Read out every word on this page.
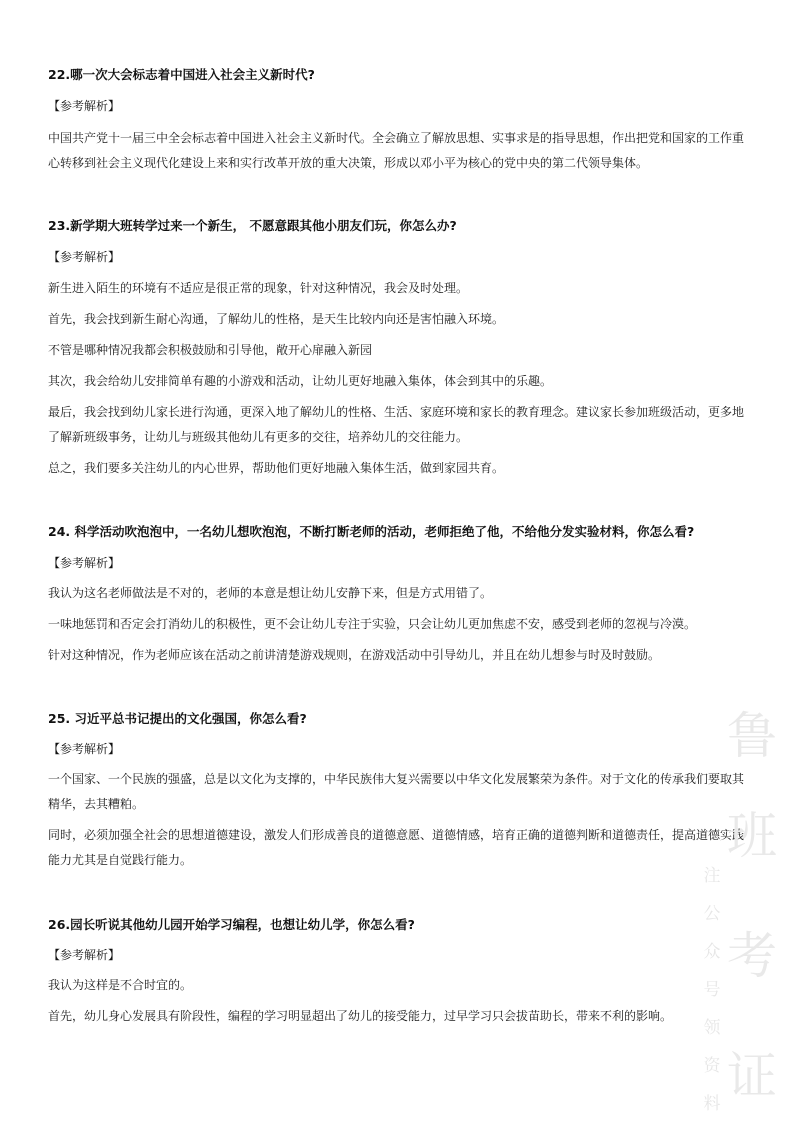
22.哪一次大会标志着中国进入社会主义新时代?
【参考解析】
中国共产党十一届三中全会标志着中国进入社会主义新时代。全会确立了解放思想、实事求是的指导思想，作出把党和国家的工作重心转移到社会主义现代化建设上来和实行改革开放的重大决策，形成以邓小平为核心的党中央的第二代领导集体。
23.新学期大班转学过来一个新生， 不愿意跟其他小朋友们玩，你怎么办?
【参考解析】
新生进入陌生的环境有不适应是很正常的现象，针对这种情况，我会及时处理。
首先，我会找到新生耐心沟通，了解幼儿的性格，是天生比较内向还是害怕融入环境。
不管是哪种情况我都会积极鼓励和引导他，敞开心扉融入新园
其次，我会给幼儿安排简单有趣的小游戏和活动，让幼儿更好地融入集体，体会到其中的乐趣。
最后，我会找到幼儿家长进行沟通，更深入地了解幼儿的性格、生活、家庭环境和家长的教育理念。建议家长参加班级活动，更多地了解新班级事务，让幼儿与班级其他幼儿有更多的交往，培养幼儿的交往能力。
总之，我们要多关注幼儿的内心世界，帮助他们更好地融入集体生活，做到家园共育。
24. 科学活动吹泡泡中，一名幼儿想吹泡泡，不断打断老师的活动，老师拒绝了他，不给他分发实验材料，你怎么看?
【参考解析】
我认为这名老师做法是不对的，老师的本意是想让幼儿安静下来，但是方式用错了。
一味地惩罚和否定会打消幼儿的积极性，更不会让幼儿专注于实验，只会让幼儿更加焦虑不安，感受到老师的忽视与冷漠。
针对这种情况，作为老师应该在活动之前讲清楚游戏规则，在游戏活动中引导幼儿，并且在幼儿想参与时及时鼓励。
25. 习近平总书记提出的文化强国，你怎么看?
【参考解析】
一个国家、一个民族的强盛，总是以文化为支撑的，中华民族伟大复兴需要以中华文化发展繁荣为条件。对于文化的传承我们要取其精华，去其糟粕。
同时，必须加强全社会的思想道德建设，激发人们形成善良的道德意愿、道德情感，培育正确的道德判断和道德责任，提高道德实践能力尤其是自觉践行能力。
26.园长听说其他幼儿园开始学习编程，也想让幼儿学，你怎么看?
【参考解析】
我认为这样是不合时宜的。
首先，幼儿身心发展具有阶段性，编程的学习明显超出了幼儿的接受能力，过早学习只会拔苗助长，带来不利的影响。
鲁
班
考
证
注
公
众
号
领
资
料
